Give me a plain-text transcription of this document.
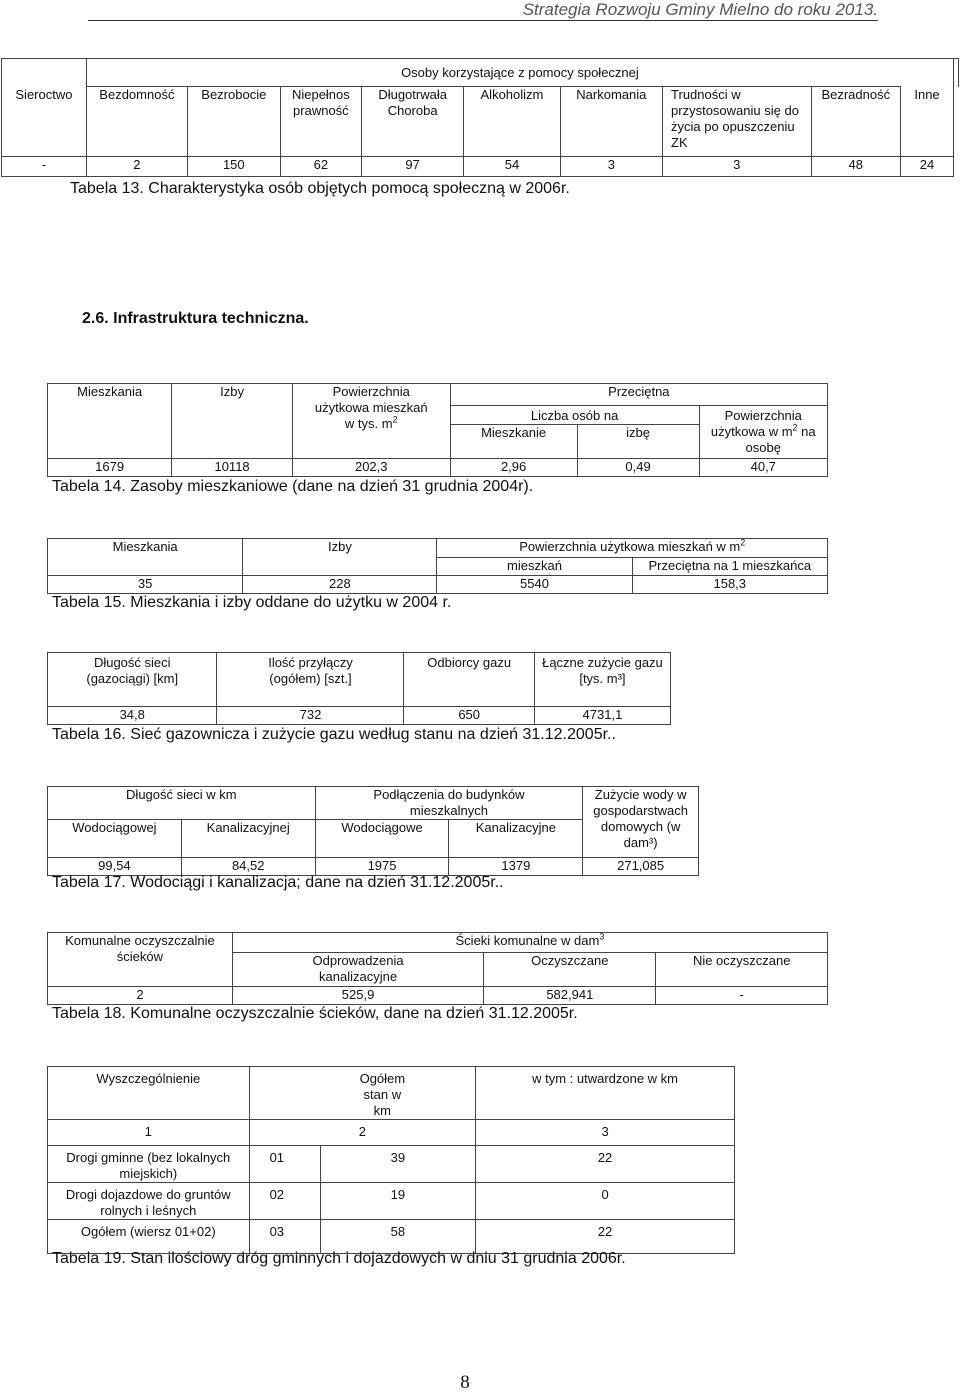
Strategia Rozwoju Gminy Mielno do roku 2013.
	Osoby korzystające z pomocy społecznej									
Sieroctwo	Bezdomność	Bezrobocie	Niepełnos prawność	Długotrwała Choroba	Alkoholizm	Narkomania	Trudności w przystosowaniu się do życia po opuszczeniu ZK	Bezradność	Inne	
-	2	150	62	97	54	3	3	48	24	
Tabela 13. Charakterystyka osób objętych pomocą społeczną w 2006r.
2.6. Infrastruktura techniczna.
Mieszkania	Izby	Powierzchnia użytkowa mieszkań w tys. $m^2$	Przeciętna		
			Liczba osób na		Powierzchnia użytkowa w $m^2$ na osobę
			Mieszkanie	izbę	
1679	10118	202,3	2,96	0,49	40,7
Tabela 14. Zasoby mieszkaniowe (dane na dzień 31 grudnia 2004r).
Mieszkania	Izby	Powierzchnia użytkowa mieszkań w $m^2$
		mieszkań	Przeciętna na 1 mieszkańca
35	228	5540	158,3
Tabela 15. Mieszkania i izby oddane do użytku w 2004 r.
Długość sieci (gazociągi) [km]	Ilość przyłączy (ogółem) [szt.]	Odbiorcy gazu	Łączne zużycie gazu [tys. m³]
34,8	732	650	4731,1
Tabela 16. Sieć gazownicza i zużycie gazu według stanu na dzień 31.12.2005r..
Długość sieci w km		Podłączenia do budynków mieszkalnych		Zużycie wody w gospodarstwach domowych (w dam³)
Wodociągowej	Kanalizacyjnej	Wodociągowe	Kanalizacyjne	
99,54	84,52	1975	1379	271,085
Tabela 17. Wodociągi i kanalizacja; dane na dzień 31.12.2005r..
Komunalne oczyszczalnie ścieków	Ścieki komunalne w dam$^3$
	Odprowadzenia kanalizacyjne	Oczyszczane	Nie oczyszczane
2	525,9	582,941	-
Tabela 18. Komunalne oczyszczalnie ścieków, dane na dzień 31.12.2005r.
Wyszczególnienie	Ogółem stan w km		w tym : utwardzone w km
1	2		3
Drogi gminne (bez lokalnych miejskich)	01	39	22
Drogi dojazdowe do gruntów rolnych i leśnych	02	19	0
Ogółem (wiersz 01+02)	03	58	22
Tabela 19. Stan ilościowy dróg gminnych i dojazdowych w dniu 31 grudnia 2006r.
8
